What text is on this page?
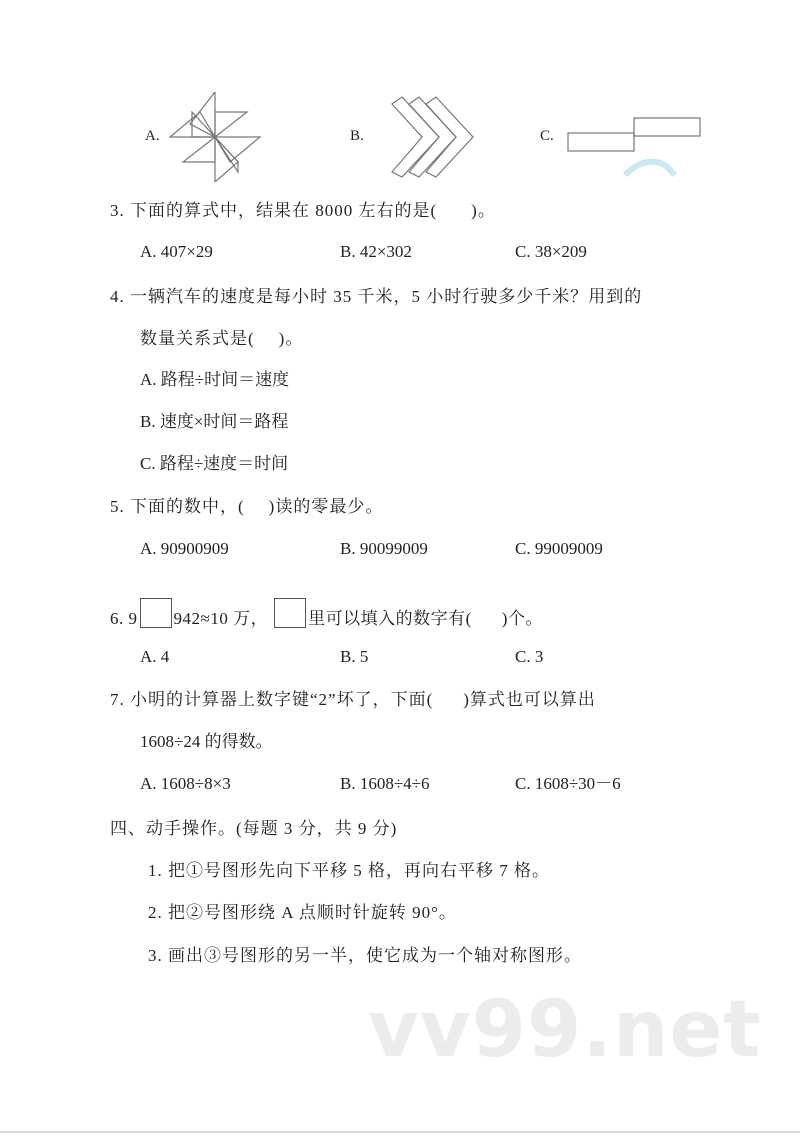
A.	B.	C.
3. 下面的算式中，结果在 8000 左右的是( )。
A. 407×29	B. 42×302	C. 38×209
4. 一辆汽车的速度是每小时 35 千米，5 小时行驶多少千米？用到的
数量关系式是( )。
A. 路程÷时间＝速度
B. 速度×时间＝路程
C. 路程÷速度＝时间
5. 下面的数中，( )读的零最少。
A. 90900909	B. 90099009	C. 99009009
6. 9 942≈10 万， 里可以填入的数字有( )个。
A. 4	B. 5	C. 3
7. 小明的计算器上数字键“2”坏了，下面( )算式也可以算出
1608÷24 的得数。
A. 1608÷8×3	B. 1608÷4÷6	C. 1608÷30－6
四、动手操作。(每题 3 分，共 9 分)
1. 把①号图形先向下平移 5 格，再向右平移 7 格。
2. 把②号图形绕 A 点顺时针旋转 90°。
3. 画出③号图形的另一半，使它成为一个轴对称图形。
vv99.net
